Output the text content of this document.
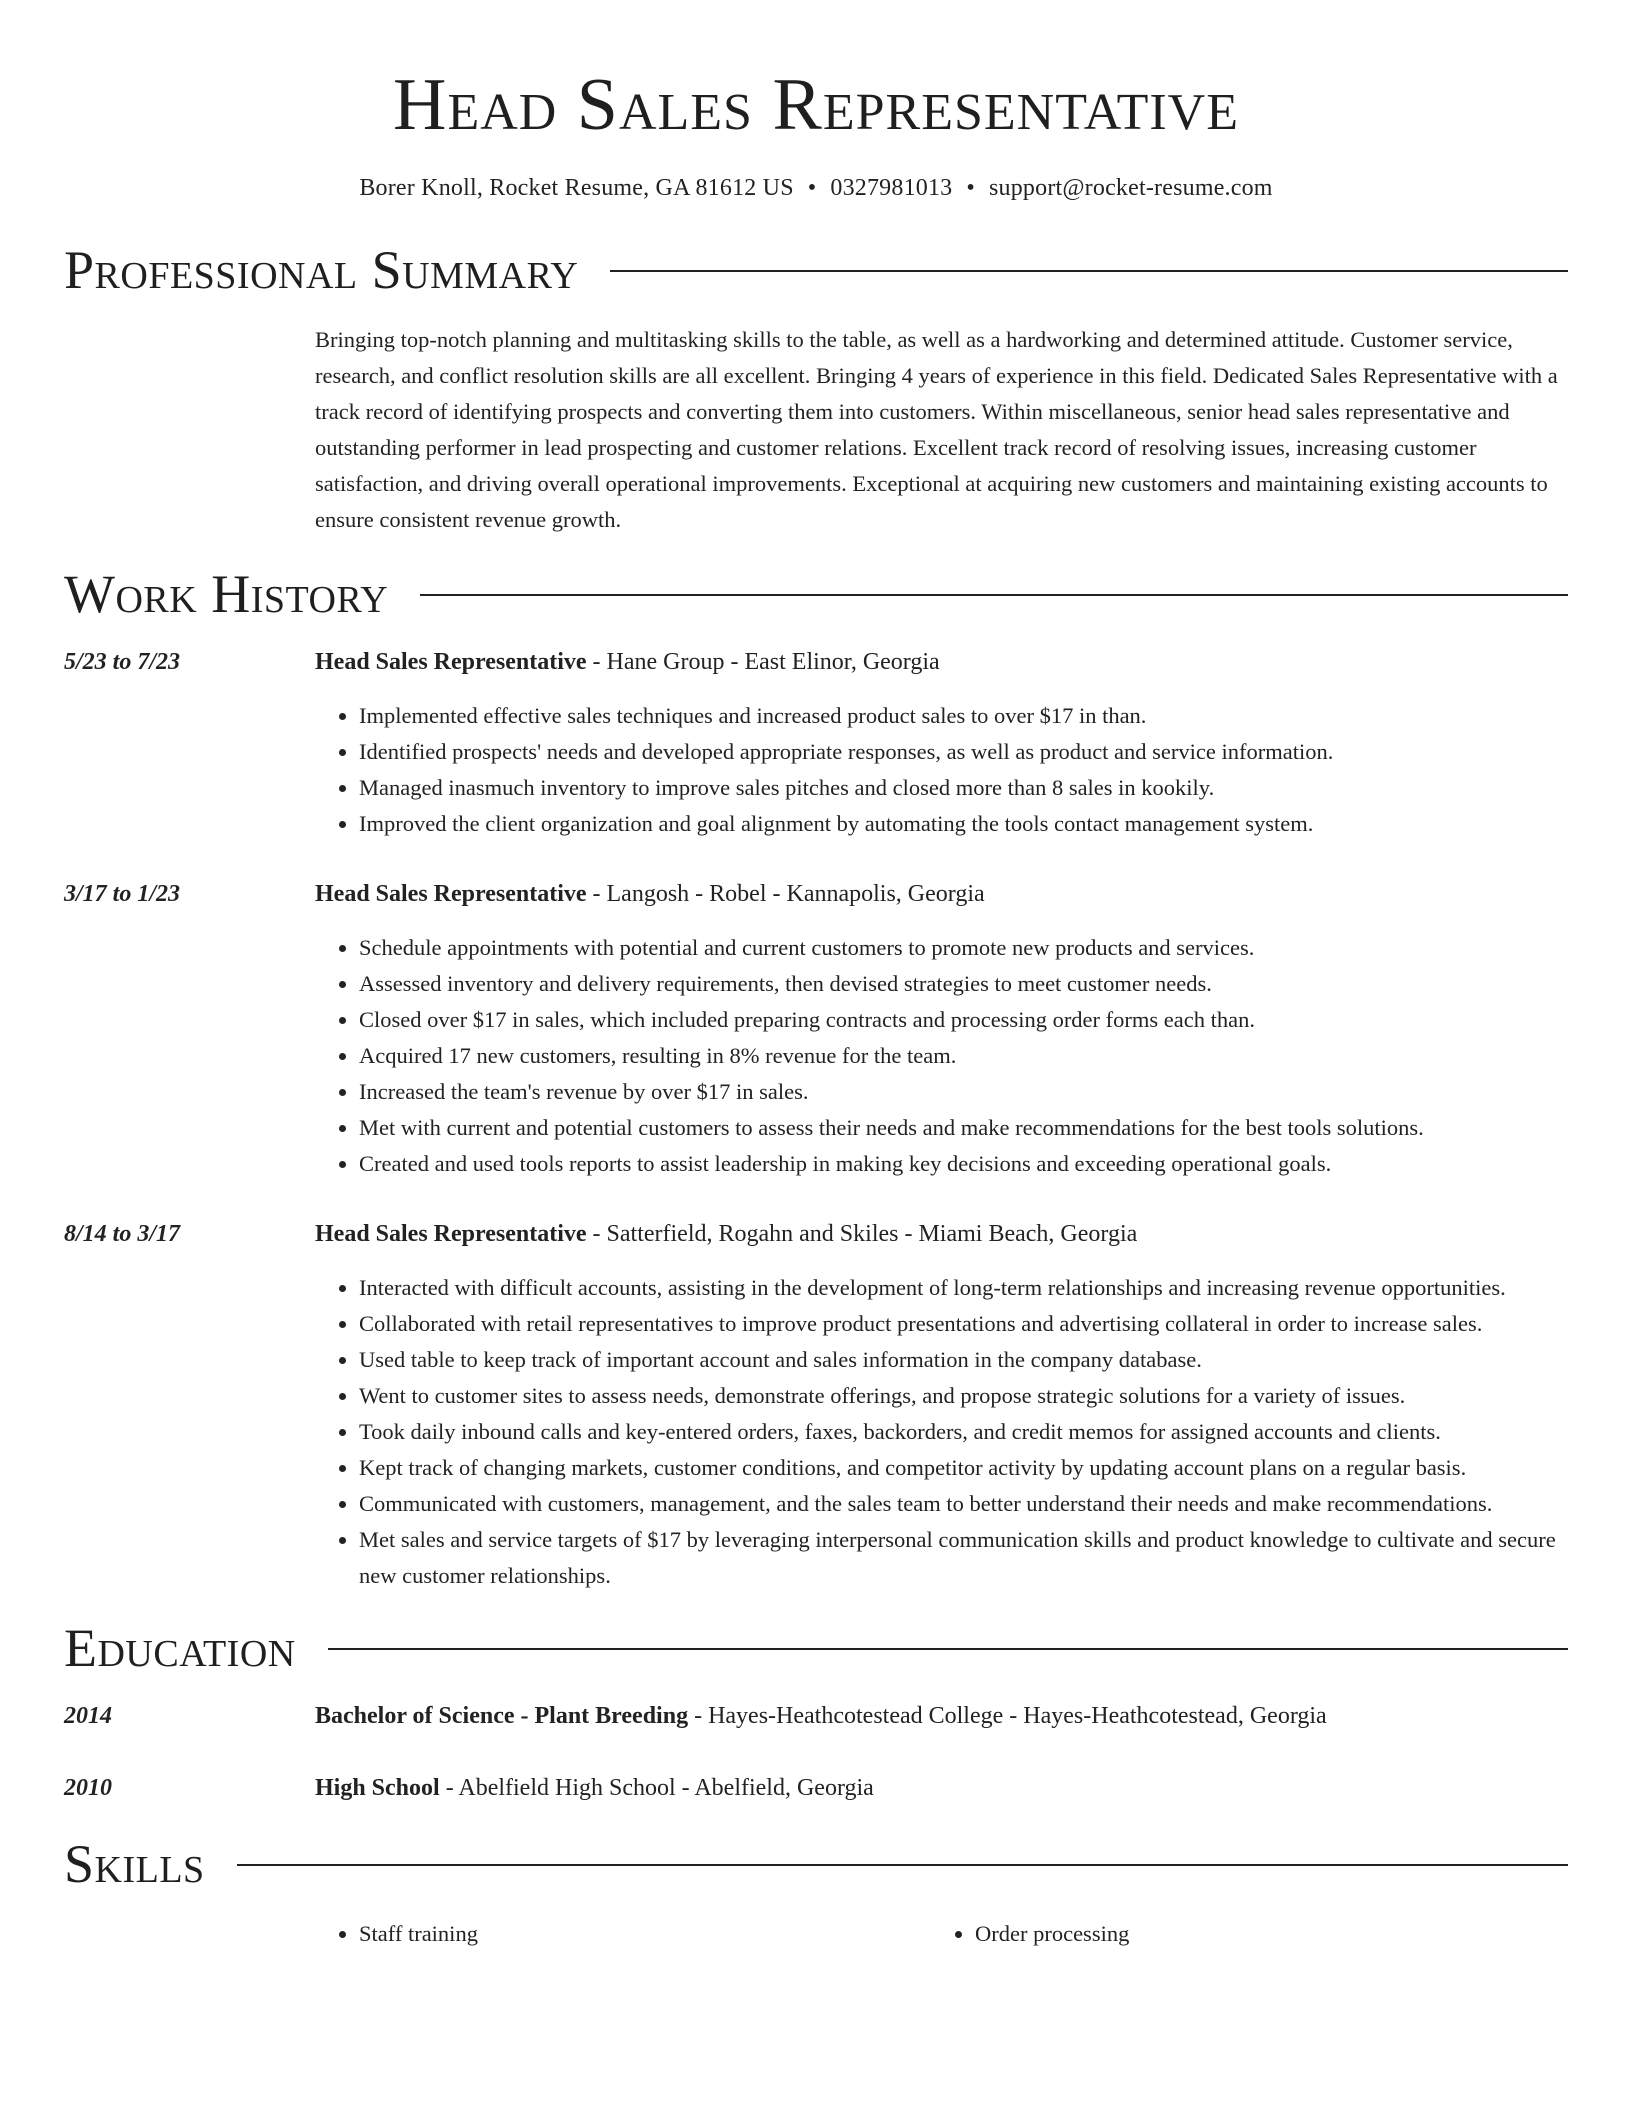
Head Sales Representative
Borer Knoll, Rocket Resume, GA 81612 US • 0327981013 • support@rocket-resume.com
Professional Summary
Bringing top-notch planning and multitasking skills to the table, as well as a hardworking and determined attitude. Customer service, research, and conflict resolution skills are all excellent. Bringing 4 years of experience in this field. Dedicated Sales Representative with a track record of identifying prospects and converting them into customers. Within miscellaneous, senior head sales representative and outstanding performer in lead prospecting and customer relations. Excellent track record of resolving issues, increasing customer satisfaction, and driving overall operational improvements. Exceptional at acquiring new customers and maintaining existing accounts to ensure consistent revenue growth.
Work History
5/23 to 7/23	Head Sales Representative - Hane Group - East Elinor, Georgia
• Implemented effective sales techniques and increased product sales to over $17 in than.
• Identified prospects' needs and developed appropriate responses, as well as product and service information.
• Managed inasmuch inventory to improve sales pitches and closed more than 8 sales in kookily.
• Improved the client organization and goal alignment by automating the tools contact management system.
3/17 to 1/23	Head Sales Representative - Langosh - Robel - Kannapolis, Georgia
• Schedule appointments with potential and current customers to promote new products and services.
• Assessed inventory and delivery requirements, then devised strategies to meet customer needs.
• Closed over $17 in sales, which included preparing contracts and processing order forms each than.
• Acquired 17 new customers, resulting in 8% revenue for the team.
• Increased the team's revenue by over $17 in sales.
• Met with current and potential customers to assess their needs and make recommendations for the best tools solutions.
• Created and used tools reports to assist leadership in making key decisions and exceeding operational goals.
8/14 to 3/17	Head Sales Representative - Satterfield, Rogahn and Skiles - Miami Beach, Georgia
• Interacted with difficult accounts, assisting in the development of long-term relationships and increasing revenue opportunities.
• Collaborated with retail representatives to improve product presentations and advertising collateral in order to increase sales.
• Used table to keep track of important account and sales information in the company database.
• Went to customer sites to assess needs, demonstrate offerings, and propose strategic solutions for a variety of issues.
• Took daily inbound calls and key-entered orders, faxes, backorders, and credit memos for assigned accounts and clients.
• Kept track of changing markets, customer conditions, and competitor activity by updating account plans on a regular basis.
• Communicated with customers, management, and the sales team to better understand their needs and make recommendations.
• Met sales and service targets of $17 by leveraging interpersonal communication skills and product knowledge to cultivate and secure new customer relationships.
Education
2014	Bachelor of Science - Plant Breeding - Hayes-Heathcotestead College - Hayes-Heathcotestead, Georgia
2010	High School - Abelfield High School - Abelfield, Georgia
Skills
• Staff training
•	Order processing
